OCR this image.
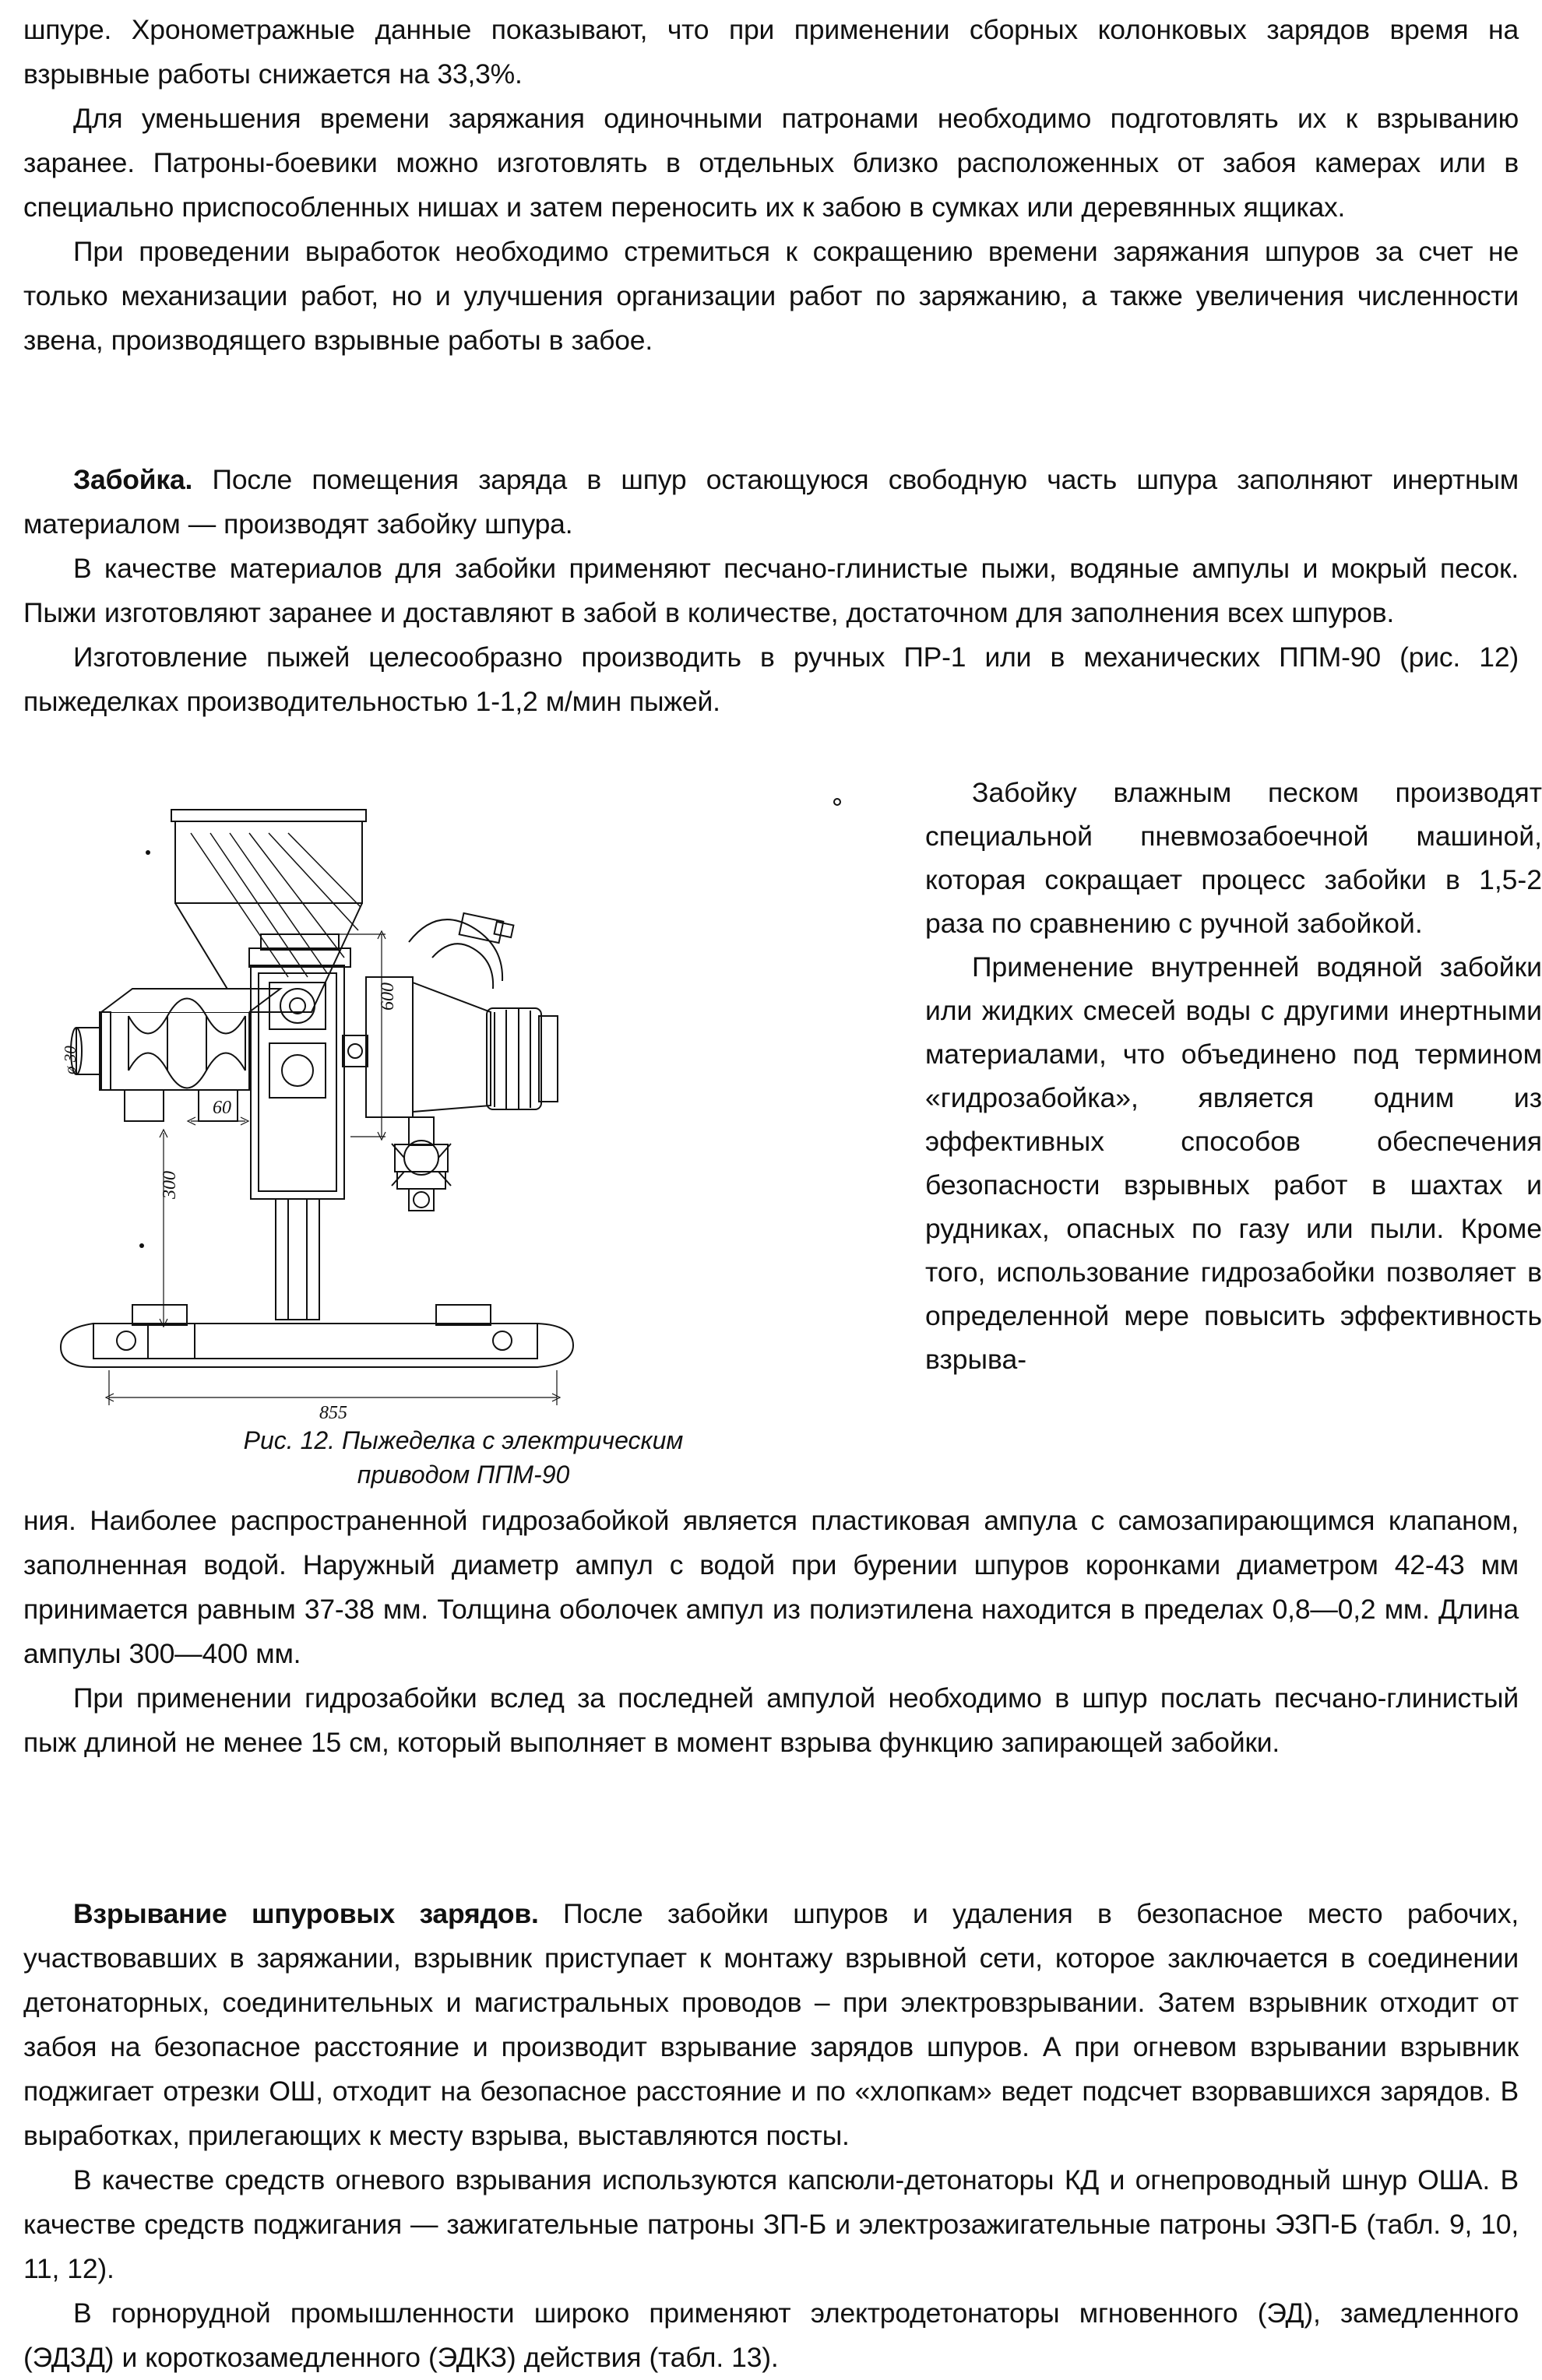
шпуре. Хронометражные данные показывают, что при применении сборных колонковых зарядов время на взрывные работы снижается на 33,3%.

Для уменьшения времени заряжания одиночными патронами необходимо подготовлять их к взрыванию заранее. Патроны-боевики можно изготовлять в отдельных близко расположенных от забоя камерах или в специально приспособленных нишах и затем переносить их к забою в сумках или деревянных ящиках.

При проведении выработок необходимо стремиться к сокращению времени заряжания шпуров за счет не только механизации работ, но и улучшения организации работ по заряжанию, а также увеличения численности звена, производящего взрывные работы в забое.

Забойка. После помещения заряда в шпур остающуюся свободную часть шпура заполняют инертным материалом — производят забойку шпура.

В качестве материалов для забойки применяют песчано-глинистые пыжи, водяные ампулы и мокрый песок. Пыжи изготовляют заранее и доставляют в забой в количестве, достаточном для заполнения всех шпуров.

Изготовление пыжей целесообразно производить в ручных ПР-1 или в механических ППМ-90 (рис. 12) пыжеделках производительностью 1-1,2 м/мин пыжей.

600
300
60
855
ø 30
Рис. 12. Пыжеделка с электрическим
приводом ППМ-90

Забойку влажным песком производят специальной пневмозабоечной машиной, которая сокращает процесс забойки в 1,5-2 раза по сравнению с ручной забойкой.

Применение внутренней водяной забойки или жидких смесей воды с другими инертными материалами, что объединено под термином «гидрозабойка», является одним из эффективных способов обеспечения безопасности взрывных работ в шахтах и рудниках, опасных по газу или пыли. Кроме того, использование гидрозабойки позволяет в определенной мере повысить эффективность взрыва-

ния. Наиболее распространенной гидрозабойкой является пластиковая ампула с самозапирающимся клапаном, заполненная водой. Наружный диаметр ампул с водой при бурении шпуров коронками диаметром 42-43 мм принимается равным 37-38 мм. Толщина оболочек ампул из полиэтилена находится в пределах 0,8—0,2 мм. Длина ампулы 300—400 мм.

При применении гидрозабойки вслед за последней ампулой необходимо в шпур послать песчано-глинистый пыж длиной не менее 15 см, который выполняет в момент взрыва функцию запирающей забойки.

Взрывание шпуровых зарядов. После забойки шпуров и удаления в безопасное место рабочих, участвовавших в заряжании, взрывник приступает к монтажу взрывной сети, которое заключается в соединении детонаторных, соединительных и магистральных проводов – при электровзрывании. Затем взрывник отходит от забоя на безопасное расстояние и производит взрывание зарядов шпуров. А при огневом взрывании взрывник поджигает отрезки ОШ, отходит на безопасное расстояние и по «хлопкам» ведет подсчет взорвавшихся зарядов. В выработках, прилегающих к месту взрыва, выставляются посты.

В качестве средств огневого взрывания используются капсюли-детонаторы КД и огнепроводный шнур ОША. В качестве средств поджигания — зажигательные патроны ЗП-Б и электрозажигательные патроны ЭЗП-Б (табл. 9, 10, 11, 12).

В горнорудной промышленности широко применяют электродетонаторы мгновенного (ЭД), замедленного (ЭДЗД) и короткозамедленного (ЭДКЗ) действия (табл. 13).
